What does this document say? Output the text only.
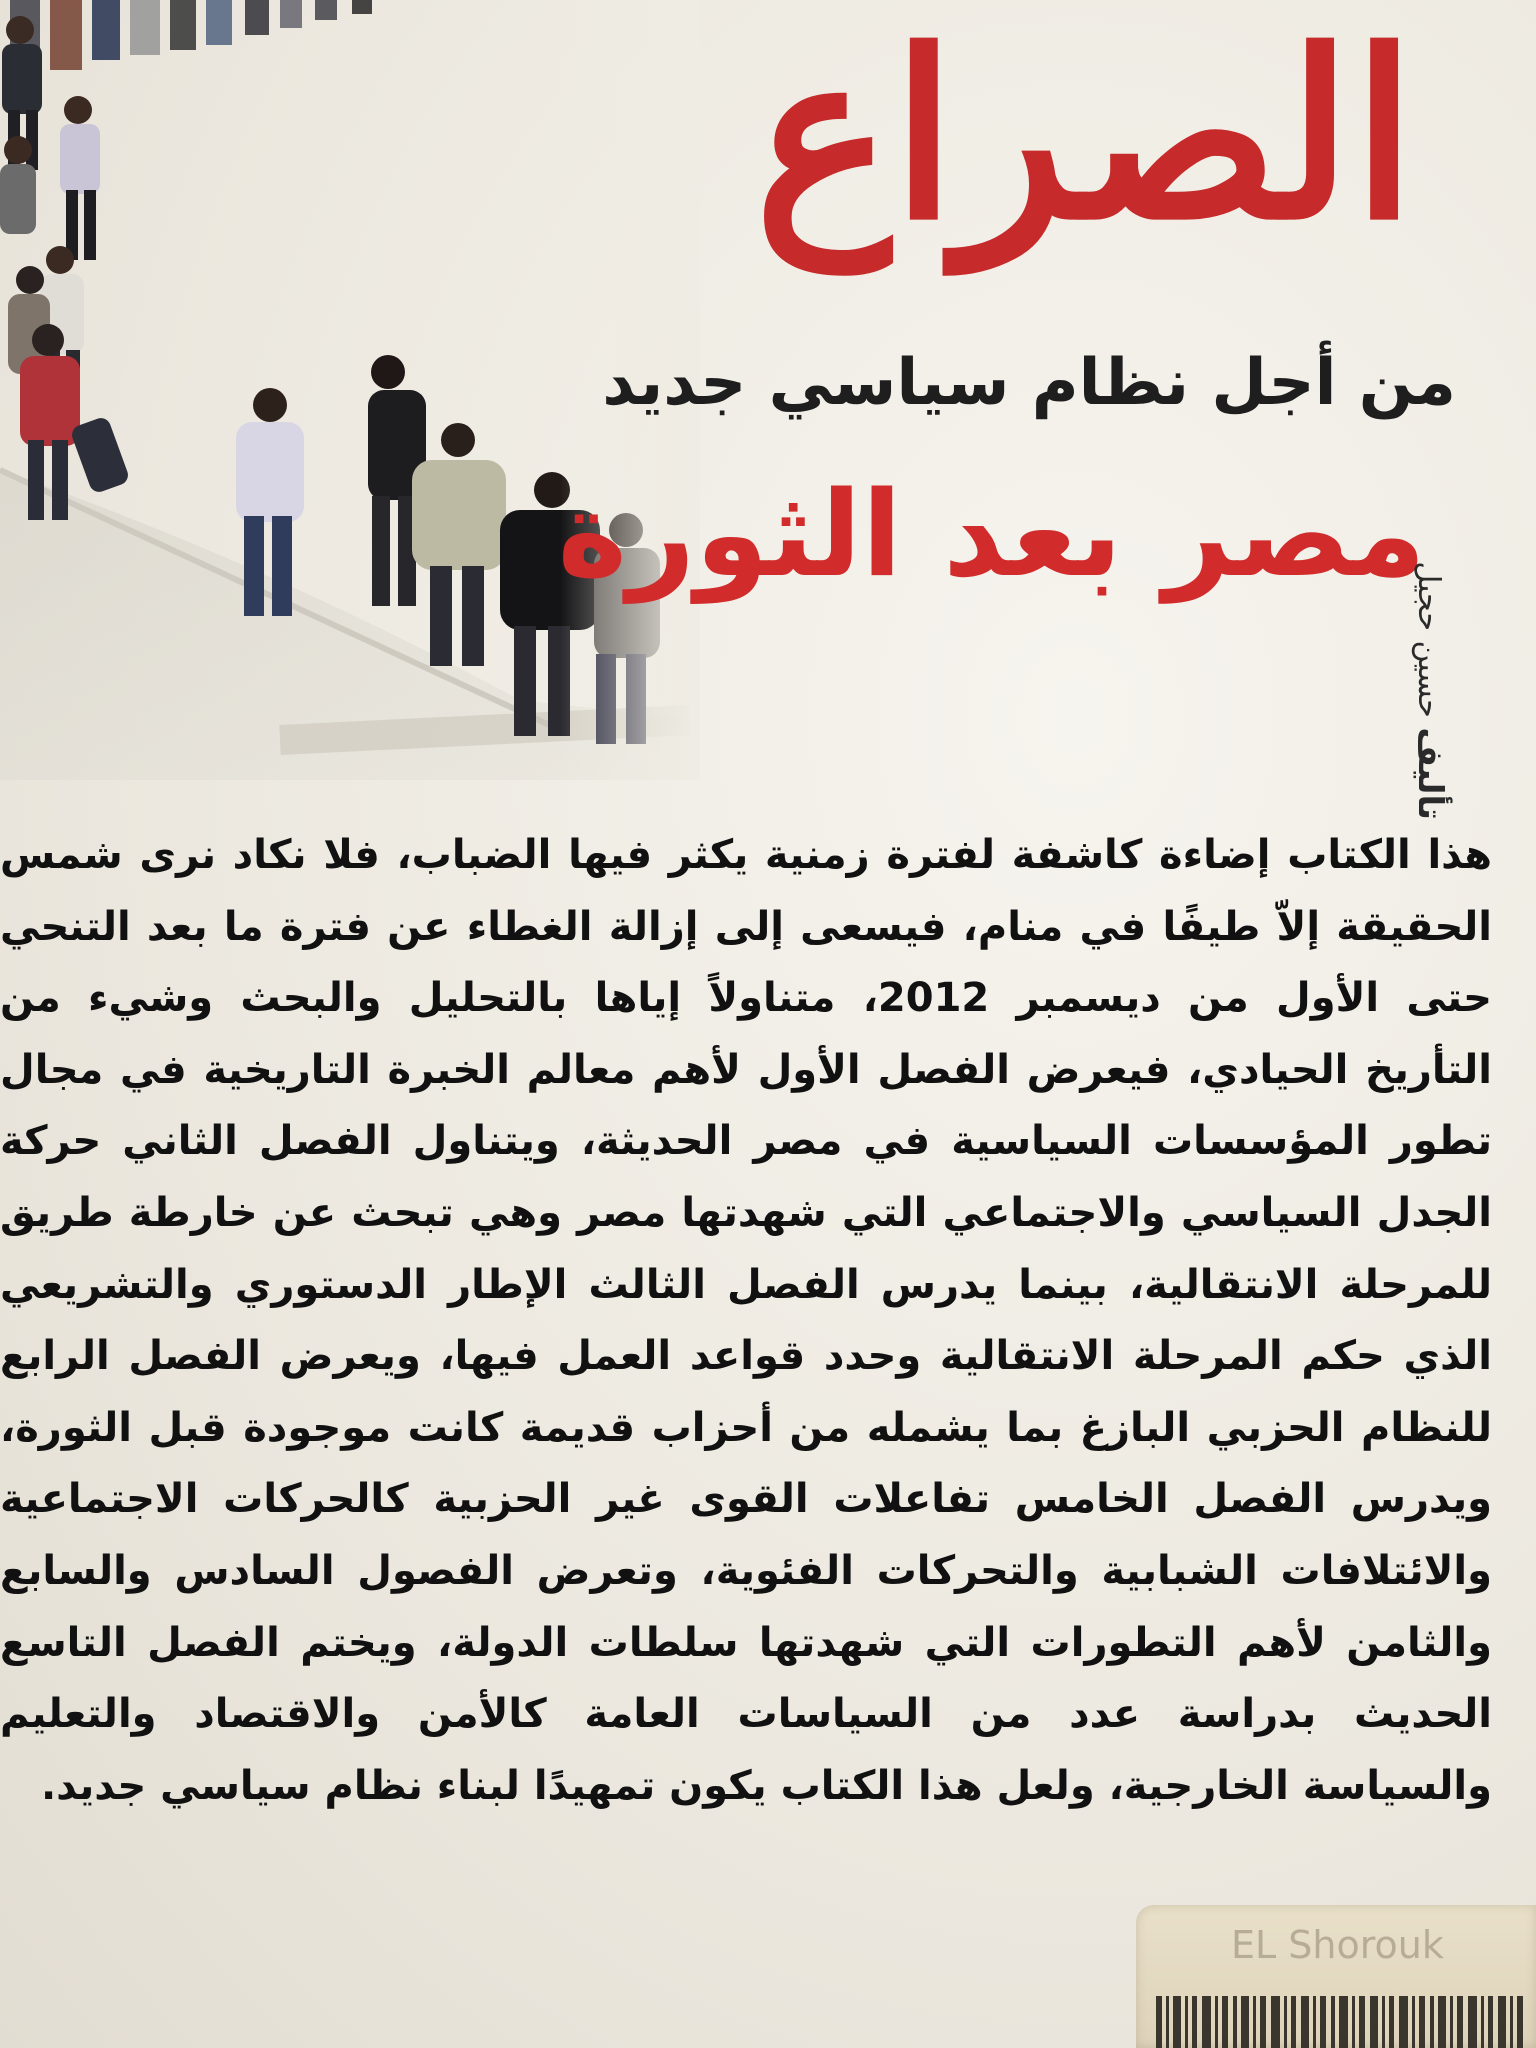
الصراع
من أجل نظام سياسي جديد
مصر بعد الثورة
تأليف حسين حجيل
هذا الكتاب إضاءة كاشفة لفترة زمنية يكثر فيها الضباب، فلا نكاد نرى شمس الحقيقة إلاّ طيفًا في منام، فيسعى إلى إزالة الغطاء عن فترة ما بعد التنحي حتى الأول من ديسمبر 2012، متناولاً إياها بالتحليل والبحث وشيء من التأريخ الحيادي، فيعرض الفصل الأول لأهم معالم الخبرة التاريخية في مجال تطور المؤسسات السياسية في مصر الحديثة، ويتناول الفصل الثاني حركة الجدل السياسي والاجتماعي التي شهدتها مصر وهي تبحث عن خارطة طريق للمرحلة الانتقالية، بينما يدرس الفصل الثالث الإطار الدستوري والتشريعي الذي حكم المرحلة الانتقالية وحدد قواعد العمل فيها، ويعرض الفصل الرابع للنظام الحزبي البازغ بما يشمله من أحزاب قديمة كانت موجودة قبل الثورة، ويدرس الفصل الخامس تفاعلات القوى غير الحزبية كالحركات الاجتماعية والائتلافات الشبابية والتحركات الفئوية، وتعرض الفصول السادس والسابع والثامن لأهم التطورات التي شهدتها سلطات الدولة، ويختم الفصل التاسع الحديث بدراسة عدد من السياسات العامة كالأمن والاقتصاد والتعليم والسياسة الخارجية، ولعل هذا الكتاب يكون تمهيدًا لبناء نظام سياسي جديد.
EL Shorouk
